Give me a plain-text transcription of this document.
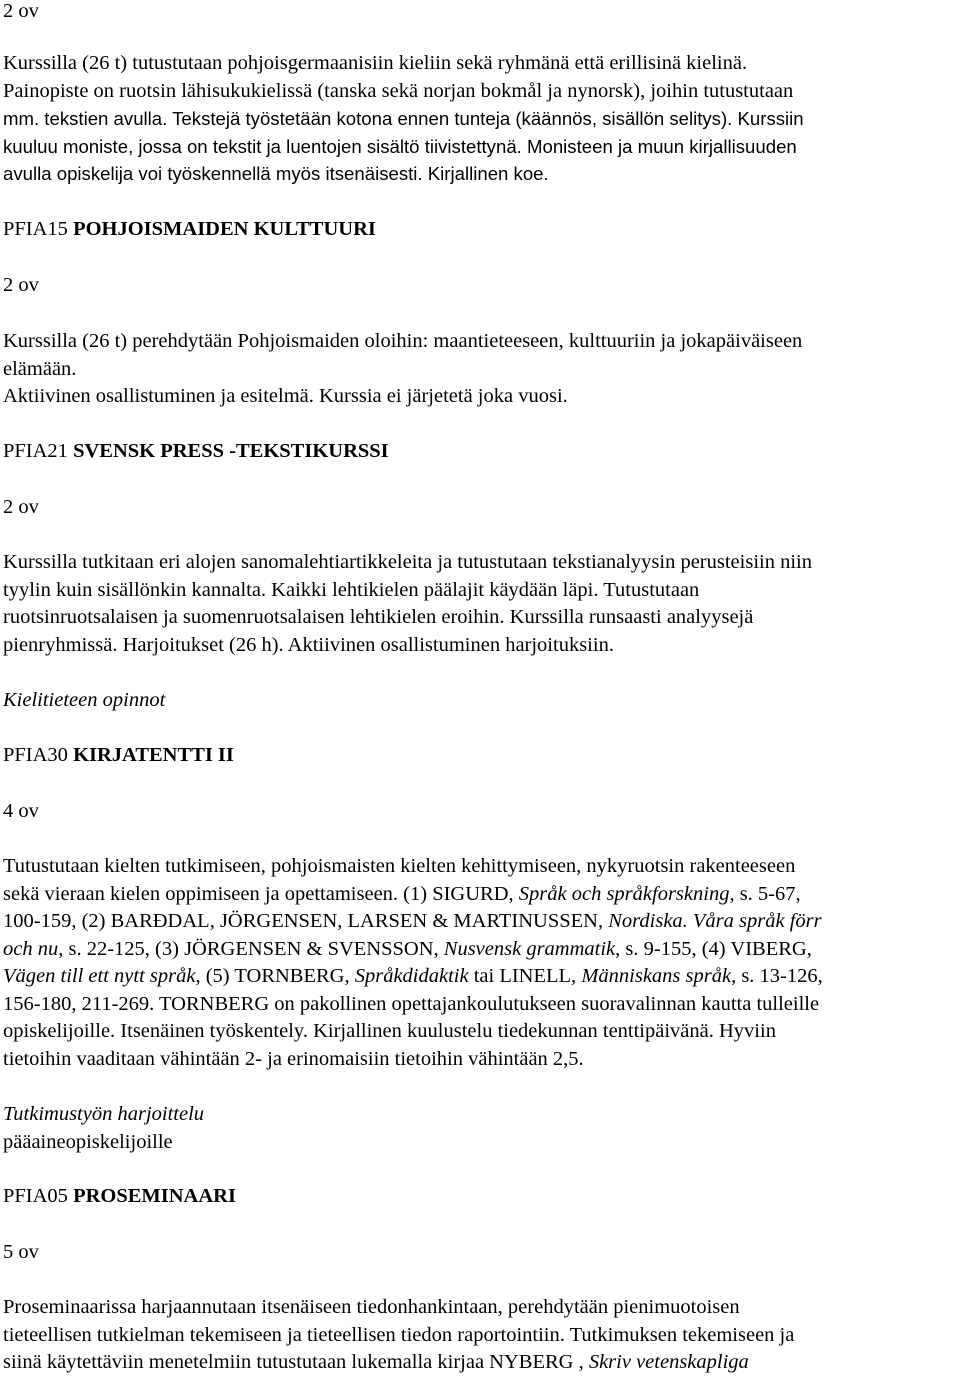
2 ov
Kurssilla (26 t) tutustutaan pohjoisgermaanisiin kieliin sekä ryhmänä että erillisinä kielinä.
Painopiste on ruotsin lähisukukielissä (tanska sekä norjan bokmål ja nynorsk), joihin tutustutaan
mm. tekstien avulla. Tekstejä työstetään kotona ennen tunteja (käännös, sisällön selitys). Kurssiin
kuuluu moniste, jossa on tekstit ja luentojen sisältö tiivistettynä. Monisteen ja muun kirjallisuuden
avulla opiskelija voi työskennellä myös itsenäisesti. Kirjallinen koe.
PFIA15 POHJOISMAIDEN KULTTUURI
2 ov
Kurssilla (26 t) perehdytään Pohjoismaiden oloihin: maantieteeseen, kulttuuriin ja jokapäiväiseen
elämään.
Aktiivinen osallistuminen ja esitelmä. Kurssia ei järjetetä joka vuosi.
PFIA21 SVENSK PRESS -TEKSTIKURSSI
2 ov
Kurssilla tutkitaan eri alojen sanomalehtiartikkeleita ja tutustutaan tekstianalyysin perusteisiin niin
tyylin kuin sisällönkin kannalta. Kaikki lehtikielen päälajit käydään läpi. Tutustutaan
ruotsinruotsalaisen ja suomenruotsalaisen lehtikielen eroihin. Kurssilla runsaasti analyysejä
pienryhmissä. Harjoitukset (26 h). Aktiivinen osallistuminen harjoituksiin.
Kielitieteen opinnot
PFIA30 KIRJATENTTI II
4 ov
Tutustutaan kielten tutkimiseen, pohjoismaisten kielten kehittymiseen, nykyruotsin rakenteeseen
sekä vieraan kielen oppimiseen ja opettamiseen. (1) SIGURD, Språk och språkforskning, s. 5-67,
100-159, (2) BARÐDAL, JÖRGENSEN, LARSEN & MARTINUSSEN, Nordiska. Våra språk förr
och nu, s. 22-125, (3) JÖRGENSEN & SVENSSON, Nusvensk grammatik, s. 9-155, (4) VIBERG,
Vägen till ett nytt språk, (5) TORNBERG, Språkdidaktik tai LINELL, Människans språk, s. 13-126,
156-180, 211-269. TORNBERG on pakollinen opettajankoulutukseen suoravalinnan kautta tulleille
opiskelijoille. Itsenäinen työskentely. Kirjallinen kuulustelu tiedekunnan tenttipäivänä. Hyviin
tietoihin vaaditaan vähintään 2- ja erinomaisiin tietoihin vähintään 2,5.
Tutkimustyön harjoittelu
pääaineopiskelijoille
PFIA05 PROSEMINAARI
5 ov
Proseminaarissa harjaannutaan itsenäiseen tiedonhankintaan, perehdytään pienimuotoisen
tieteellisen tutkielman tekemiseen ja tieteellisen tiedon raportointiin. Tutkimuksen tekemiseen ja
siinä käytettäviin menetelmiin tutustutaan lukemalla kirjaa NYBERG , Skriv vetenskapliga
